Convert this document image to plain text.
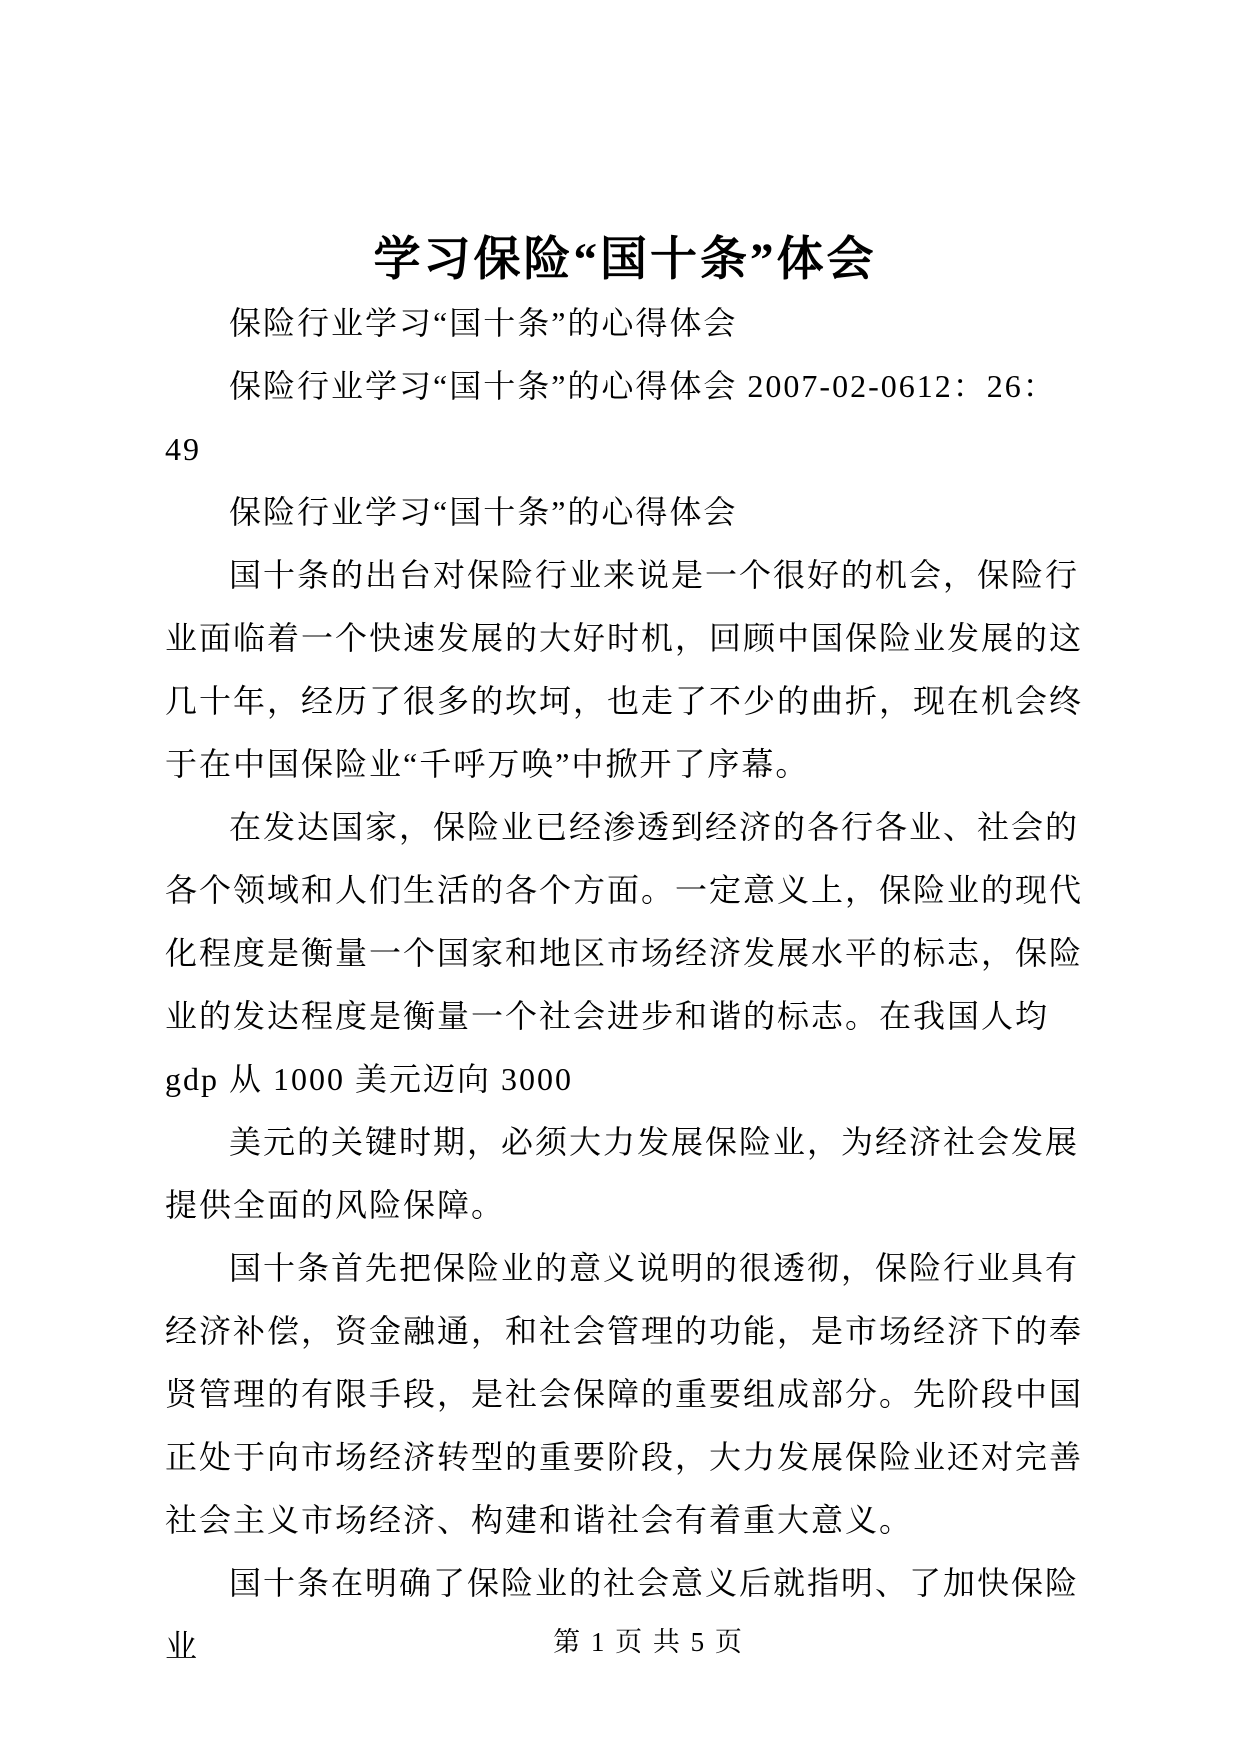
学习保险“国十条”体会

保险行业学习“国十条”的心得体会

保险行业学习“国十条”的心得体会 2007-02-0612：26：49

保险行业学习“国十条”的心得体会

国十条的出台对保险行业来说是一个很好的机会，保险行业面临着一个快速发展的大好时机，回顾中国保险业发展的这几十年，经历了很多的坎坷，也走了不少的曲折，现在机会终于在中国保险业“千呼万唤”中掀开了序幕。

在发达国家，保险业已经渗透到经济的各行各业、社会的各个领域和人们生活的各个方面。一定意义上，保险业的现代化程度是衡量一个国家和地区市场经济发展水平的标志，保险业的发达程度是衡量一个社会进步和谐的标志。在我国人均 gdp 从 1000 美元迈向 3000

美元的关键时期，必须大力发展保险业，为经济社会发展提供全面的风险保障。

国十条首先把保险业的意义说明的很透彻，保险行业具有经济补偿，资金融通，和社会管理的功能，是市场经济下的奉贤管理的有限手段，是社会保障的重要组成部分。先阶段中国正处于向市场经济转型的重要阶段，大力发展保险业还对完善社会主义市场经济、构建和谐社会有着重大意义。

国十条在明确了保险业的社会意义后就指明、了加快保险业	第 1 页 共 5 页
